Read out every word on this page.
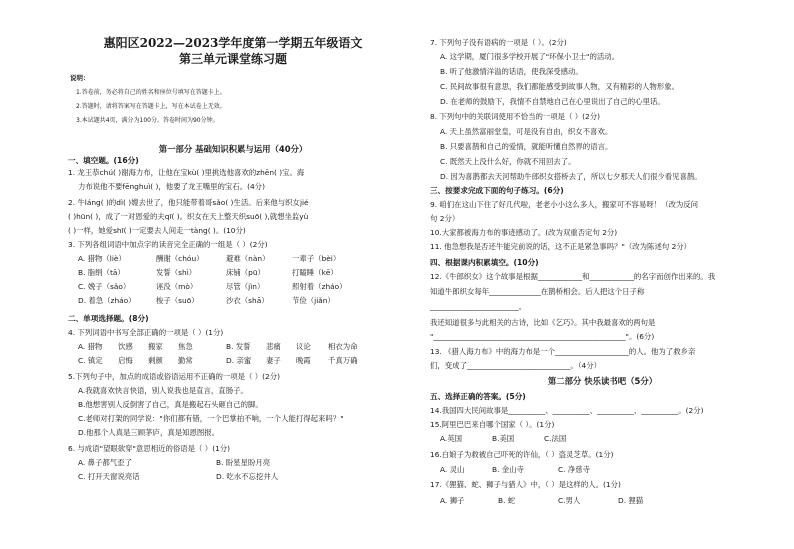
惠阳区2022—2023学年度第一学期五年级语文
第三单元课堂练习题
说明：
1.答卷前，务必将自己的姓名和座位号填写在答题卡上。
2.答题时，请将答案写在答题卡上，写在本试卷上无效。
3.本试题共4页，满分为100分。答卷时间为90分钟。
第一部分 基础知识积累与运用（40分）
一、填空题。(16分)
1. 龙王恭chú( )谢海力布，让他在宝kù( )里挑选他喜欢的zhēn( )宝。海
力布说他不要fēnghuì( )，他要了龙王嘴里的宝石。(4分)
2. 牛láng( )的dì( )嫂去世了，他只能带着哥sǎo( )生活。后来他与织女jié
( )hūn( )，成了一对恩爱的夫qī( )。织女在天上整天织suō( ),就想坐监yù
( )一样，她爱shī( )一定要去人间走一tàng( )。(10分)
3. 下列各组词语中加点字的读音完全正确的一组是（ ）(2分)
A. 猎物（liè）	酬谢（chóu）	避难（nàn）	一辈子（bèi）
B. 脂绢（tā）	发誓（shì）	床铺（pū）	打瞌睡（kē）
C. 娩子（sǎo）	诬没（mò）	尽管（jìn）	照射着（zháo）
D. 着急（zháo）	梭子（suō）	沙衣（shā）	节俭（jiǎn）
二、单项选择题。(8分)
4. 下列词语中书写全部正确的一项是（ ）(1分)
A. 猎物 饮感 搬家 焦急	B. 发誓 悲痛 议论 相衣为命
C. 镇定 启悔 剩颜 勤常	D. 亲蜜 妻子 晚霞 千真万确
5.下列句子中，加点的成语或俗语运用不正确的一项是（ ）(2分)
A.我就喜欢快言快语，别人说我也是直言，直肠子。
B.他想害别人反倒害了自己，真是搬起石头砸自己的脚。
C.老师对打架的同学说："你们都有错，一个巴掌拍不响，一个人能打得起来吗？"
D.他那个人真是三顾茅庐，真是知恩图报。
6. 与成语"望眼欲穿"意思相近的俗语是（ ）(1分)
A. 鼻子都气歪了	B. 盼星星盼月亮
C. 打开天窗说亮话	D. 吃水不忘挖井人
7. 下列句子没有语病的一项是（ ）。(2分)
A. 这学期，厦门很多学校开展了"环保小卫士"的活动。
B. 听了他激情洋溢的话语，使我深受感动。
C. 民间故事很有意思，我们都能感受到故事人物，又有精彩的人物形象。
D. 在老师的鼓励下，我情不自禁地自己在心里说出了自己的心里话。
8. 下列句中的关联词使用不恰当的一项是（ ）(2分)
A. 天上虽然富丽堂皇，可是没有自由，织女不喜欢。
B. 只要喜鹊和自己的爱情，就能听懂自然界的语言。
C. 既然天上没什么好，你就不用回去了。
D. 因为喜鹊都去天河帮助牛郎织女搭桥去了，所以七夕那天人们很少看见喜鹊。
三、按要求完成下面的句子练习。(6分)
9. 咱们在这山下住了好几代啦，老老小小这么多人，搬家可不容易呀！（改为反问
句 2分）
10.大家都被海力布的事迹感动了。(改为双重否定句 2分)
11. 他急想我是否还牛能完前说的话，这不正是紧急事吗？"（改为陈述句 2分）
四、根据课内积累填空。(10分)
12.《牛郎织女》这个故事是根据____________和____________的名字而创作出来的。我
知道牛郎织女每年______________在鹊桥相会。后人把这个日子称
________________________。
我还知道很多与此相关的古诗，比如《乞巧》。其中我最喜欢的两句是
"____________________________________________________"。(6分)
13. 《猎人海力布》中的海力布是一个____________________的人。他为了救乡亲
们，变成了____________________________。（4分）
第二部分 快乐读书吧（5分）
五、选择正确的答案。(5分)
14.我国四大民间故事是__________、__________、__________、__________。(2分)
15.阿里巴巴来自哪个国家（ ）。(1分)
A.英国	B.美国	C.法国
16.白娘子为救被自己吓死的许仙，（ ）盗灵芝草。(1分)
A. 灵山	B. 金山寺	C. 净慈寺
17.《狸猫、蛇、狮子与猎人》中，（ ）是这样的人。(1分)
A. 狮子	B. 蛇	C.男人	D. 狸猫
